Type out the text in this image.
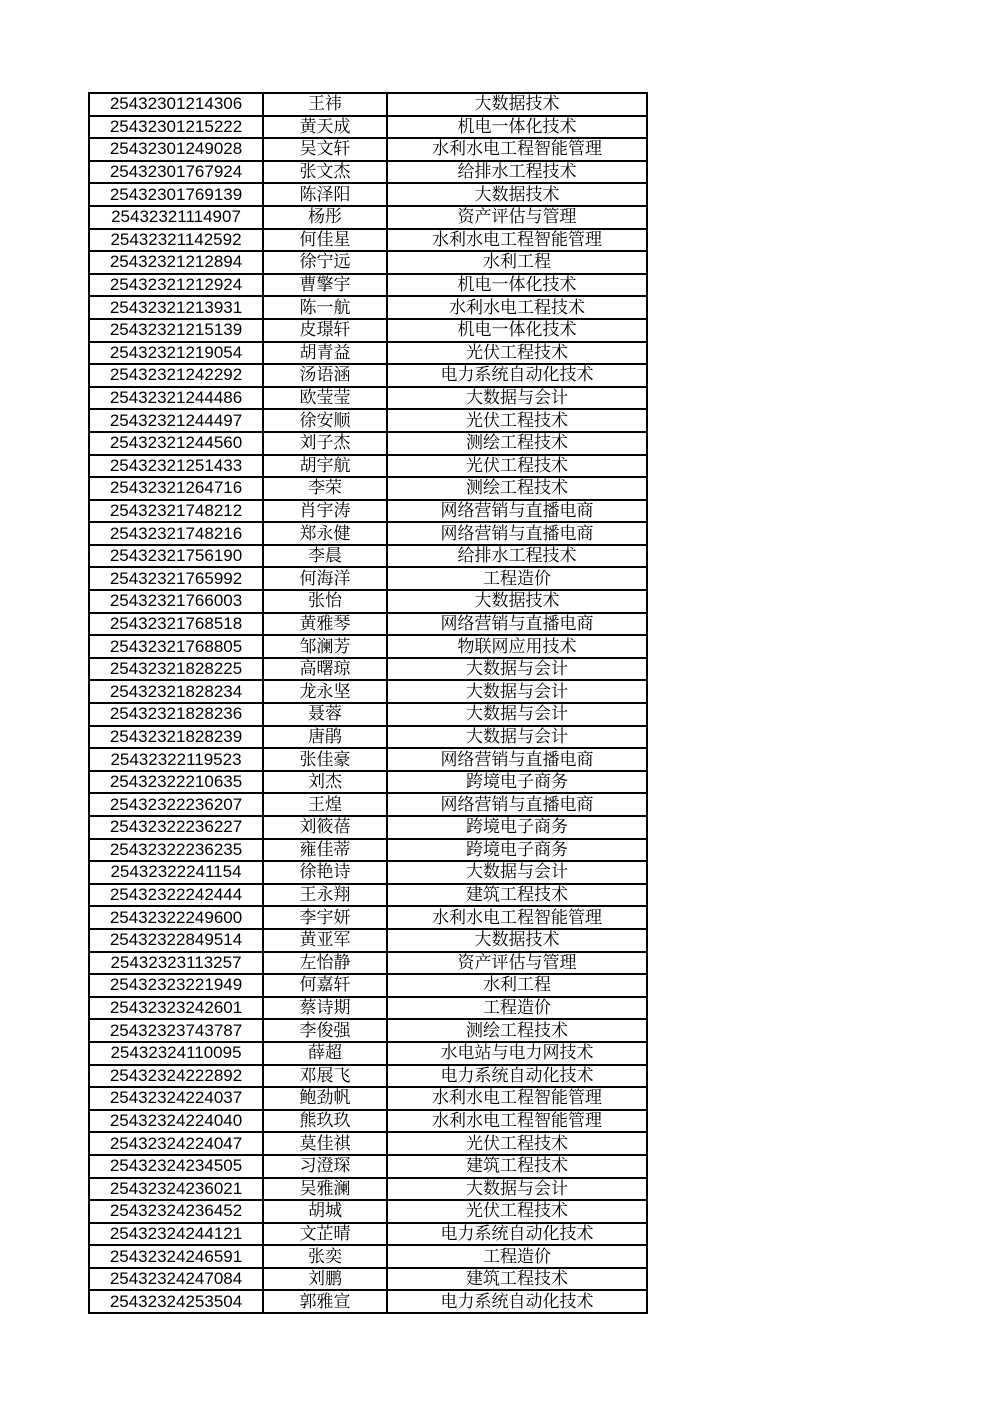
25432301214306	王祎	大数据技术
25432301215222	黄天成	机电一体化技术
25432301249028	吴文轩	水利水电工程智能管理
25432301767924	张文杰	给排水工程技术
25432301769139	陈泽阳	大数据技术
25432321114907	杨彤	资产评估与管理
25432321142592	何佳星	水利水电工程智能管理
25432321212894	徐宁远	水利工程
25432321212924	曹擎宇	机电一体化技术
25432321213931	陈一航	水利水电工程技术
25432321215139	皮璟轩	机电一体化技术
25432321219054	胡青益	光伏工程技术
25432321242292	汤语涵	电力系统自动化技术
25432321244486	欧莹莹	大数据与会计
25432321244497	徐安顺	光伏工程技术
25432321244560	刘子杰	测绘工程技术
25432321251433	胡宇航	光伏工程技术
25432321264716	李荣	测绘工程技术
25432321748212	肖宇涛	网络营销与直播电商
25432321748216	郑永健	网络营销与直播电商
25432321756190	李晨	给排水工程技术
25432321765992	何海洋	工程造价
25432321766003	张怡	大数据技术
25432321768518	黄雅琴	网络营销与直播电商
25432321768805	邹澜芳	物联网应用技术
25432321828225	高曙琼	大数据与会计
25432321828234	龙永坚	大数据与会计
25432321828236	聂蓉	大数据与会计
25432321828239	唐鹃	大数据与会计
25432322119523	张佳豪	网络营销与直播电商
25432322210635	刘杰	跨境电子商务
25432322236207	王煌	网络营销与直播电商
25432322236227	刘筱蓓	跨境电子商务
25432322236235	雍佳蒂	跨境电子商务
25432322241154	徐艳诗	大数据与会计
25432322242444	王永翔	建筑工程技术
25432322249600	李宇妍	水利水电工程智能管理
25432322849514	黄亚军	大数据技术
25432323113257	左怡静	资产评估与管理
25432323221949	何嘉轩	水利工程
25432323242601	蔡诗期	工程造价
25432323743787	李俊强	测绘工程技术
25432324110095	薛超	水电站与电力网技术
25432324222892	邓展飞	电力系统自动化技术
25432324224037	鲍劲帆	水利水电工程智能管理
25432324224040	熊玖玖	水利水电工程智能管理
25432324224047	莫佳祺	光伏工程技术
25432324234505	习澄琛	建筑工程技术
25432324236021	吴雅澜	大数据与会计
25432324236452	胡城	光伏工程技术
25432324244121	文芷晴	电力系统自动化技术
25432324246591	张奕	工程造价
25432324247084	刘鹏	建筑工程技术
25432324253504	郭雅宣	电力系统自动化技术
